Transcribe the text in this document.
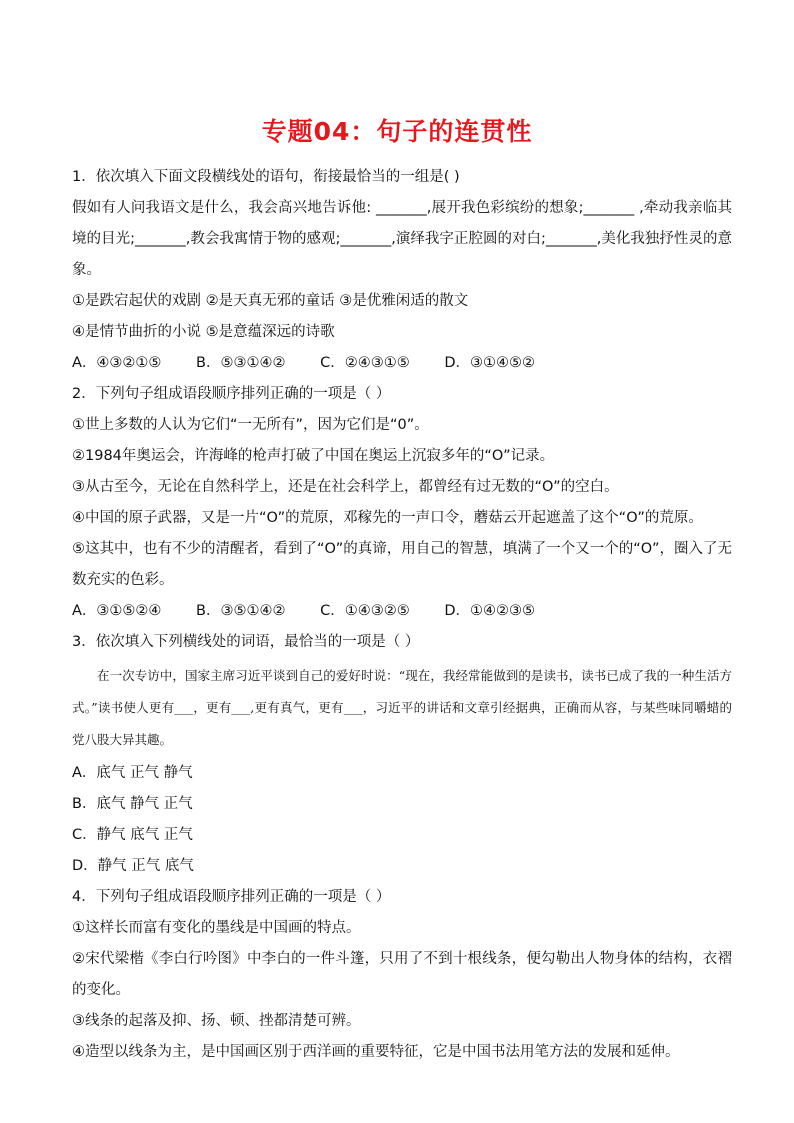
专题04：句子的连贯性
1．依次填入下面文段横线处的语句，衔接最恰当的一组是( )
假如有人问我语文是什么，我会高兴地告诉他: _______,展开我色彩缤纷的想象;_______ ,牵动我亲临其境的目光;_______,教会我寓情于物的感观;_______,演绎我字正腔圆的对白;_______,美化我独抒性灵的意象。
①是跌宕起伏的戏剧 ②是天真无邪的童话 ③是优雅闲适的散文
④是情节曲折的小说 ⑤是意蕴深远的诗歌
A．④③②①⑤ B．⑤③①④② C．②④③①⑤ D．③①④⑤②
2．下列句子组成语段顺序排列正确的一项是（ ）
①世上多数的人认为它们“一无所有”，因为它们是“0”。
②1984年奥运会，许海峰的枪声打破了中国在奥运上沉寂多年的“O”记录。
③从古至今，无论在自然科学上，还是在社会科学上，都曾经有过无数的“O”的空白。
④中国的原子武器，又是一片“O”的荒原，邓稼先的一声口令，蘑菇云开起遮盖了这个“O”的荒原。
⑤这其中，也有不少的清醒者，看到了“O”的真谛，用自己的智慧，填满了一个又一个的“O”，圈入了无数充实的色彩。
A．③①⑤②④ B．③⑤①④② C．①④③②⑤ D．①④②③⑤
3．依次填入下列横线处的词语，最恰当的一项是（ ）
在一次专访中，国家主席习近平谈到自己的爱好时说：“现在，我经常能做到的是读书，读书已成了我的一种生活方式。”读书使人更有___，更有___,更有真气，更有___，习近平的讲话和文章引经据典，正确而从容，与某些味同嚼蜡的党八股大异其趣。
A．底气 正气 静气
B．底气 静气 正气
C．静气 底气 正气
D．静气 正气 底气
4．下列句子组成语段顺序排列正确的一项是（ ）
①这样长而富有变化的墨线是中国画的特点。
②宋代梁楷《李白行吟图》中李白的一件斗篷，只用了不到十根线条，便勾勒出人物身体的结构，衣褶的变化。
③线条的起落及抑、扬、顿、挫都清楚可辨。
④造型以线条为主，是中国画区别于西洋画的重要特征，它是中国书法用笔方法的发展和延伸。
